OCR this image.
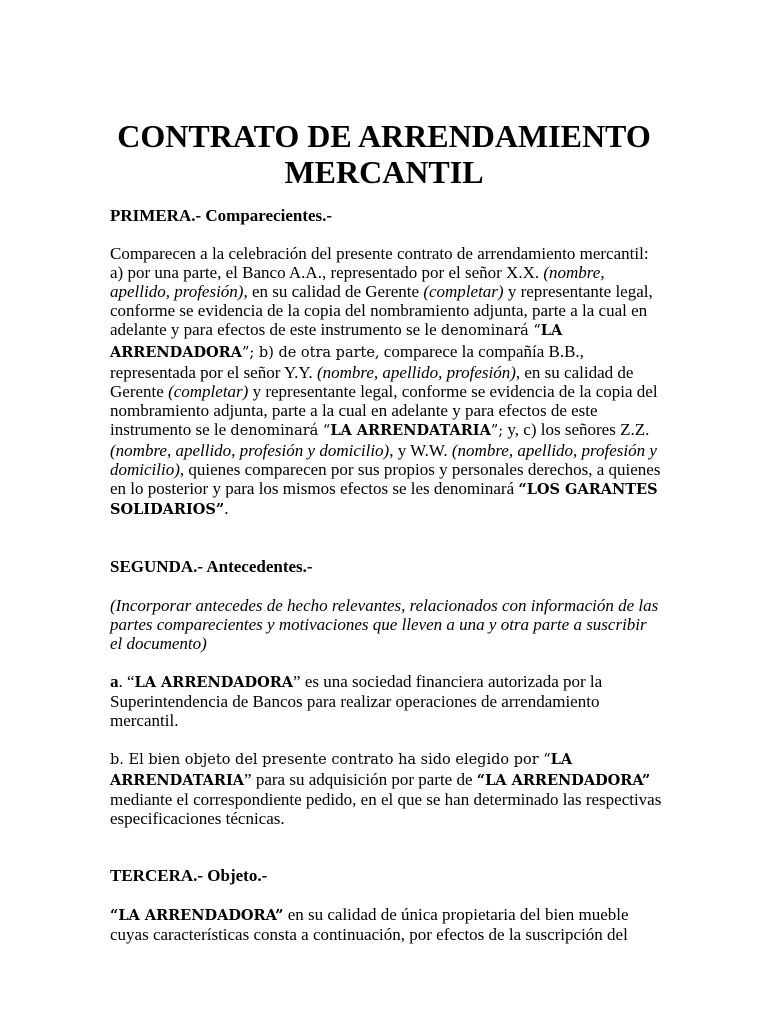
CONTRATO DE ARRENDAMIENTO
MERCANTIL
PRIMERA.- Comparecientes.-
Comparecen a la celebración del presente contrato de arrendamiento mercantil: a) por una parte, el Banco A.A., representado por el señor X.X. (nombre, apellido, profesión), en su calidad de Gerente (completar) y representante legal, conforme se evidencia de la copia del nombramiento adjunta, parte a la cual en adelante y para efectos de este instrumento se le denominará “LA ARRENDADORA”; b) de otra parte, comparece la compañía B.B., representada por el señor Y.Y. (nombre, apellido, profesión), en su calidad de Gerente (completar) y representante legal, conforme se evidencia de la copia del nombramiento adjunta, parte a la cual en adelante y para efectos de este instrumento se le denominará “LA ARRENDATARIA”; y, c) los señores Z.Z. (nombre, apellido, profesión y domicilio), y W.W. (nombre, apellido, profesión y domicilio), quienes comparecen por sus propios y personales derechos, a quienes en lo posterior y para los mismos efectos se les denominará “LOS GARANTES SOLIDARIOS”.
SEGUNDA.- Antecedentes.-
(Incorporar antecedes de hecho relevantes, relacionados con información de las partes comparecientes y motivaciones que lleven a una y otra parte a suscribir el documento)
a. “LA ARRENDADORA” es una sociedad financiera autorizada por la Superintendencia de Bancos para realizar operaciones de arrendamiento mercantil.
b. El bien objeto del presente contrato ha sido elegido por “LA ARRENDATARIA” para su adquisición por parte de “LA ARRENDADORA” mediante el correspondiente pedido, en el que se han determinado las respectivas especificaciones técnicas.
TERCERA.- Objeto.-
“LA ARRENDADORA” en su calidad de única propietaria del bien mueble cuyas características consta a continuación, por efectos de la suscripción del
